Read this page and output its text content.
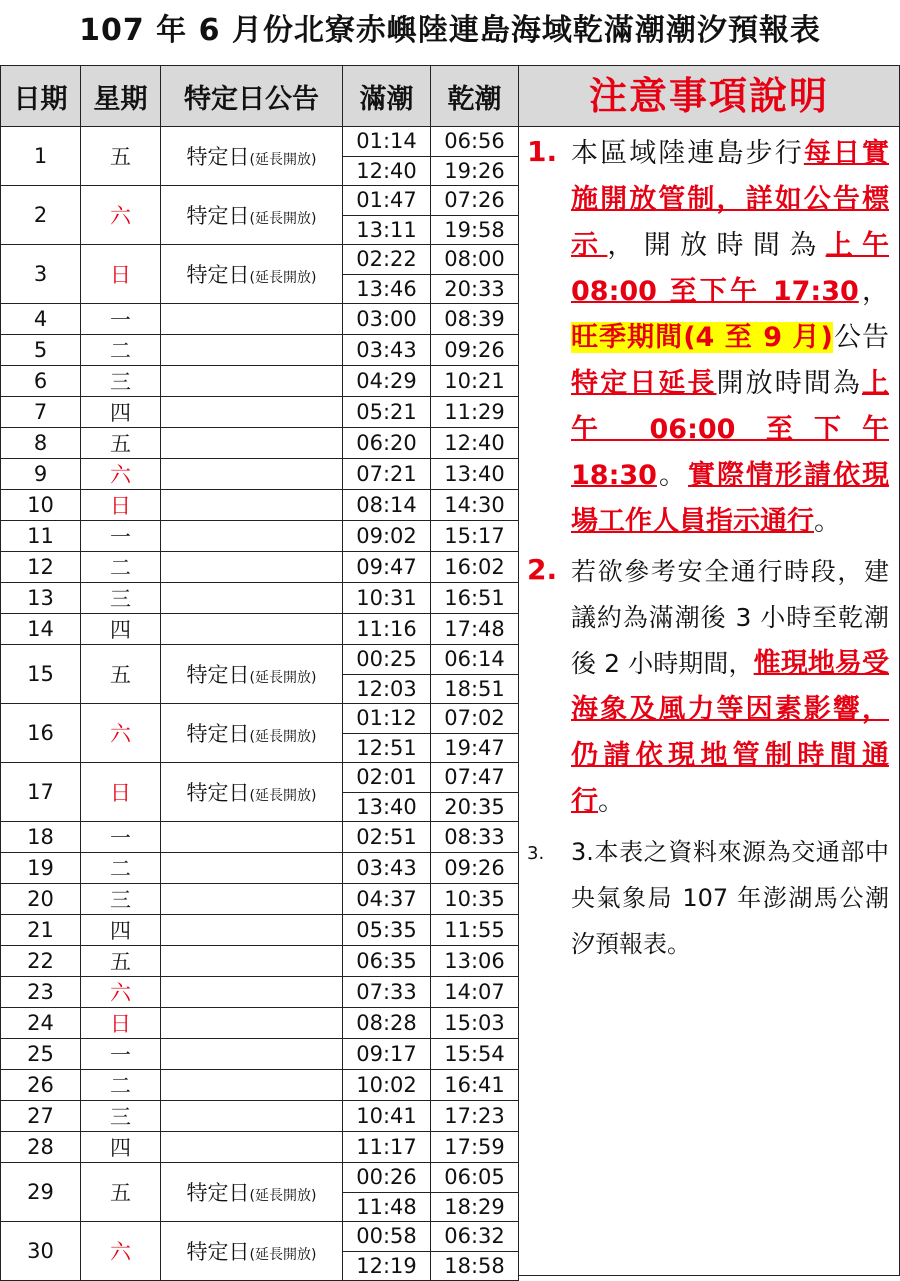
107 年 6 月份北寮赤嶼陸連島海域乾滿潮潮汐預報表
日期	星期	特定日公告	滿潮	乾潮
1	五	特定日(延長開放)	01:14	06:56
			12:40	19:26
2	六	特定日(延長開放)	01:47	07:26
			13:11	19:58
3	日	特定日(延長開放)	02:22	08:00
			13:46	20:33
4	一		03:00	08:39
5	二		03:43	09:26
6	三		04:29	10:21
7	四		05:21	11:29
8	五		06:20	12:40
9	六		07:21	13:40
10	日		08:14	14:30
11	一		09:02	15:17
12	二		09:47	16:02
13	三		10:31	16:51
14	四		11:16	17:48
15	五	特定日(延長開放)	00:25	06:14
			12:03	18:51
16	六	特定日(延長開放)	01:12	07:02
			12:51	19:47
17	日	特定日(延長開放)	02:01	07:47
			13:40	20:35
18	一		02:51	08:33
19	二		03:43	09:26
20	三		04:37	10:35
21	四		05:35	11:55
22	五		06:35	13:06
23	六		07:33	14:07
24	日		08:28	15:03
25	一		09:17	15:54
26	二		10:02	16:41
27	三		10:41	17:23
28	四		11:17	17:59
29	五	特定日(延長開放)	00:26	06:05
			11:48	18:29
30	六	特定日(延長開放)	00:58	06:32
			12:19	18:58
注意事項說明
1. 本區域陸連島步行每日實施開放管制，詳如公告標示，開放時間為上午 08:00 至下午 17:30，旺季期間(4 至 9 月)公告特定日延長開放時間為上午 06:00 至下午 18:30。實際情形請依現場工作人員指示通行。
2. 若欲參考安全通行時段，建議約為滿潮後 3 小時至乾潮後 2 小時期間，惟現地易受海象及風力等因素影響，仍請依現地管制時間通行。
3. 3.本表之資料來源為交通部中央氣象局 107 年澎湖馬公潮汐預報表。
